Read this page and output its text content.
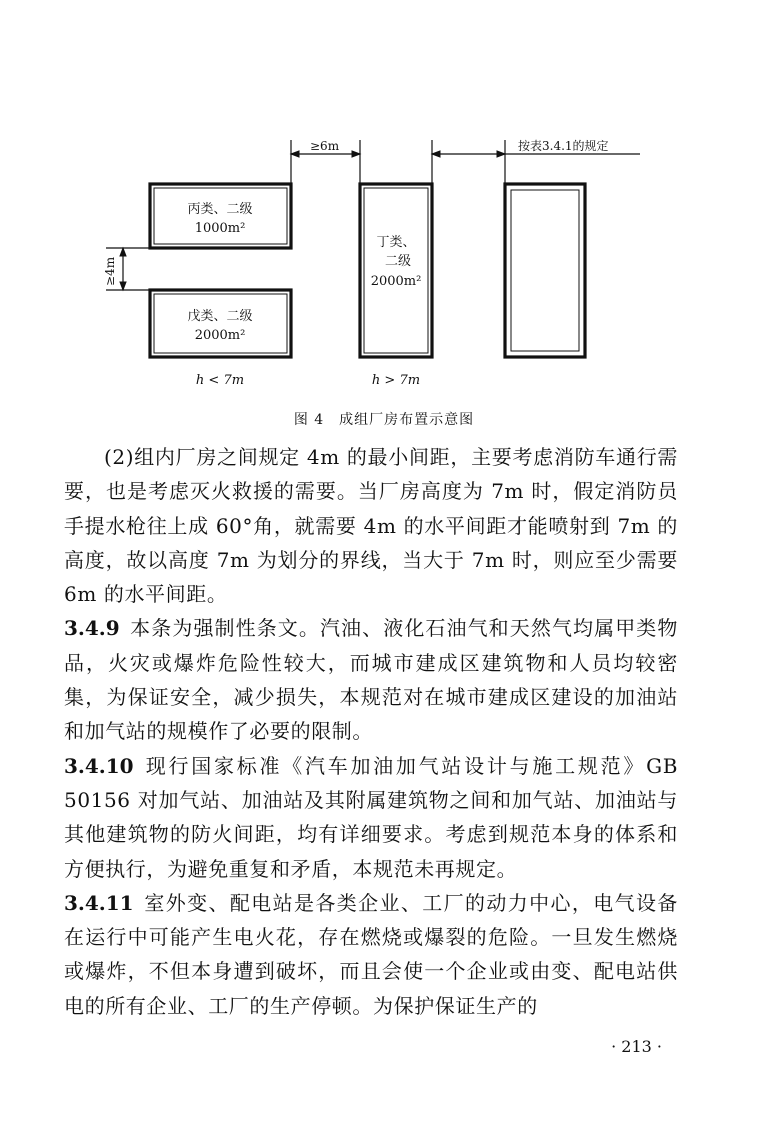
≥6m	按表3.4.1的规定
≥4m
丙类、二级
1000m²
戊类、二级
2000m²
丁类、
二级
2000m²
h < 7m	h > 7m
图 4　成组厂房布置示意图

(2)组内厂房之间规定 4m 的最小间距，主要考虑消防车通行需要，也是考虑灭火救援的需要。当厂房高度为 7m 时，假定消防员手提水枪往上成 60°角，就需要 4m 的水平间距才能喷射到 7m 的高度，故以高度 7m 为划分的界线，当大于 7m 时，则应至少需要 6m 的水平间距。

3.4.9 本条为强制性条文。汽油、液化石油气和天然气均属甲类物品，火灾或爆炸危险性较大，而城市建成区建筑物和人员均较密集，为保证安全，减少损失，本规范对在城市建成区建设的加油站和加气站的规模作了必要的限制。

3.4.10 现行国家标准《汽车加油加气站设计与施工规范》GB 50156 对加气站、加油站及其附属建筑物之间和加气站、加油站与其他建筑物的防火间距，均有详细要求。考虑到规范本身的体系和方便执行，为避免重复和矛盾，本规范未再规定。

3.4.11 室外变、配电站是各类企业、工厂的动力中心，电气设备在运行中可能产生电火花，存在燃烧或爆裂的危险。一旦发生燃烧或爆炸，不但本身遭到破坏，而且会使一个企业或由变、配电站供电的所有企业、工厂的生产停顿。为保护保证生产的

· 213 ·
